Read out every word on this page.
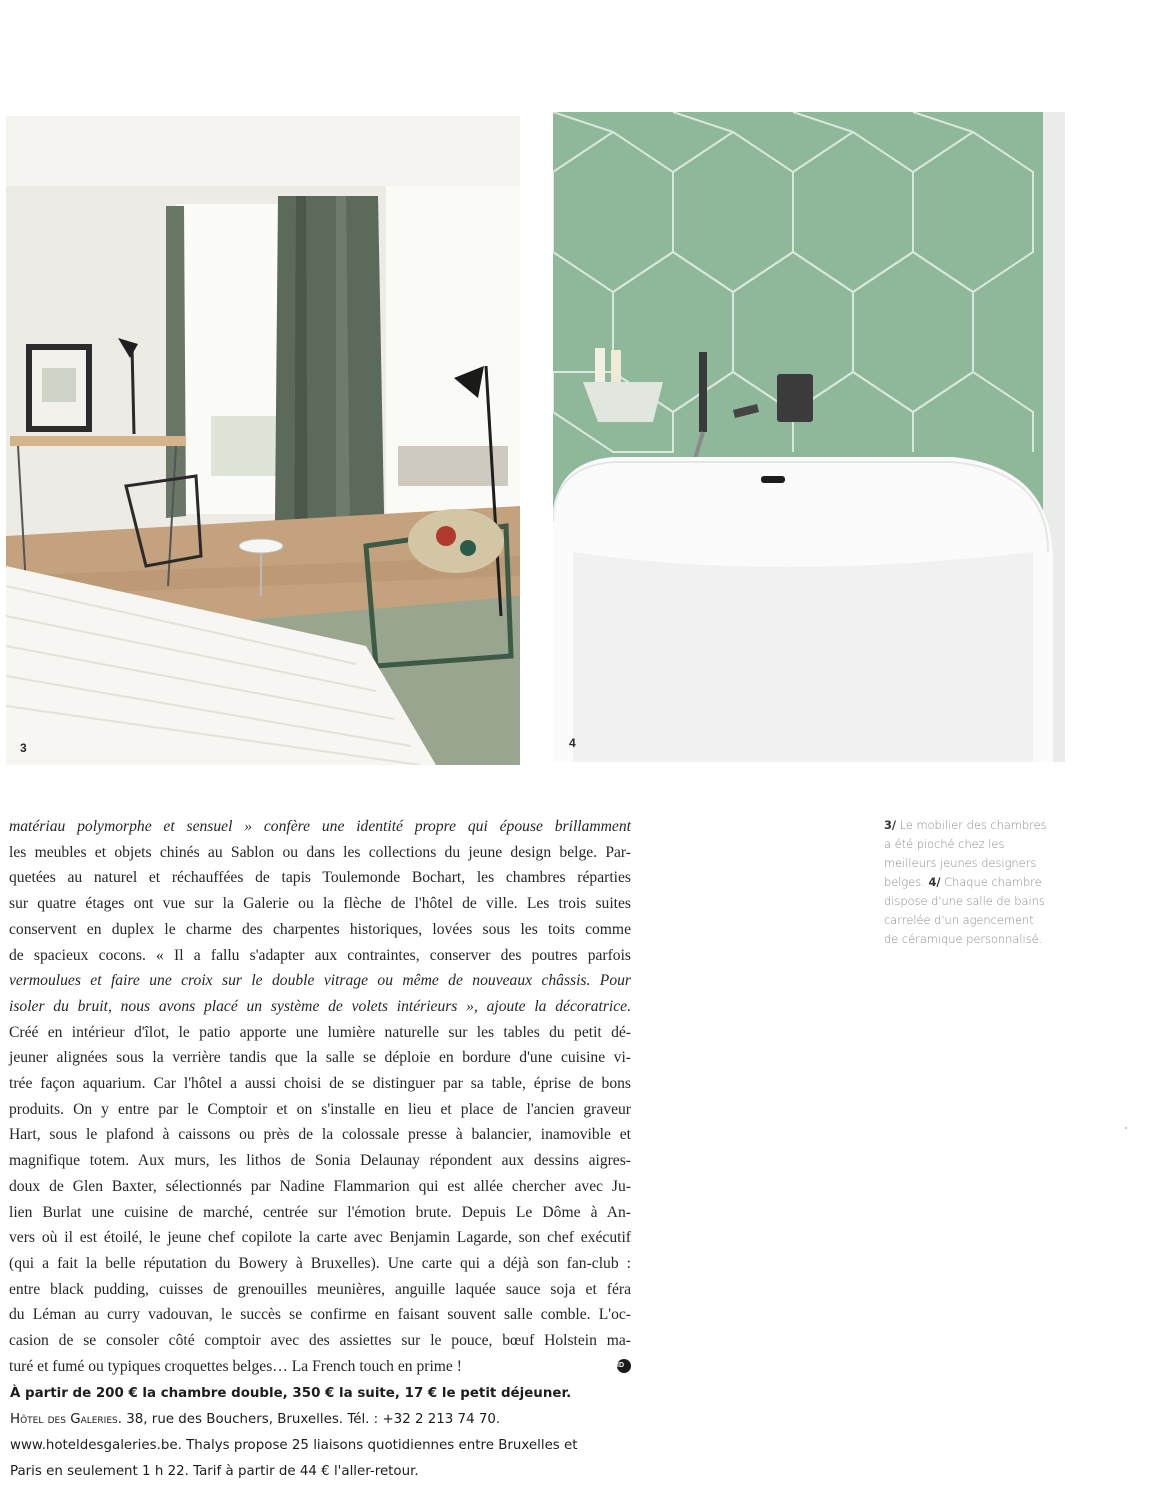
3	4
matériau polymorphe et sensuel » confère une identité propre qui épouse brillamment
les meubles et objets chinés au Sablon ou dans les collections du jeune design belge. Par-
quetées au naturel et réchauffées de tapis Toulemonde Bochart, les chambres réparties
sur quatre étages ont vue sur la Galerie ou la flèche de l'hôtel de ville. Les trois suites
conservent en duplex le charme des charpentes historiques, lovées sous les toits comme
de spacieux cocons. « Il a fallu s'adapter aux contraintes, conserver des poutres parfois
vermoulues et faire une croix sur le double vitrage ou même de nouveaux châssis. Pour
isoler du bruit, nous avons placé un système de volets intérieurs », ajoute la décoratrice.
Créé en intérieur d'îlot, le patio apporte une lumière naturelle sur les tables du petit dé-
jeuner alignées sous la verrière tandis que la salle se déploie en bordure d'une cuisine vi-
trée façon aquarium. Car l'hôtel a aussi choisi de se distinguer par sa table, éprise de bons
produits. On y entre par le Comptoir et on s'installe en lieu et place de l'ancien graveur
Hart, sous le plafond à caissons ou près de la colossale presse à balancier, inamovible et
magnifique totem. Aux murs, les lithos de Sonia Delaunay répondent aux dessins aigres-
doux de Glen Baxter, sélectionnés par Nadine Flammarion qui est allée chercher avec Ju-
lien Burlat une cuisine de marché, centrée sur l'émotion brute. Depuis Le Dôme à An-
vers où il est étoilé, le jeune chef copilote la carte avec Benjamin Lagarde, son chef exécutif
(qui a fait la belle réputation du Bowery à Bruxelles). Une carte qui a déjà son fan-club :
entre black pudding, cuisses de grenouilles meunières, anguille laquée sauce soja et féra
du Léman au curry vadouvan, le succès se confirme en faisant souvent salle comble. L'oc-
casion de se consoler côté comptoir avec des assiettes sur le pouce, bœuf Holstein ma-
turé et fumé ou typiques croquettes belges… La French touch en prime !	ID
À partir de 200 € la chambre double, 350 € la suite, 17 € le petit déjeuner.
Hôtel des Galeries. 38, rue des Bouchers, Bruxelles. Tél. : +32 2 213 74 70.
www.hoteldesgaleries.be. Thalys propose 25 liaisons quotidiennes entre Bruxelles et
Paris en seulement 1 h 22. Tarif à partir de 44 € l'aller-retour.
3/ Le mobilier des chambres
a été pioché chez les
meilleurs jeunes designers
belges. 4/ Chaque chambre
dispose d'une salle de bains
carrelée d'un agencement
de céramique personnalisé.
